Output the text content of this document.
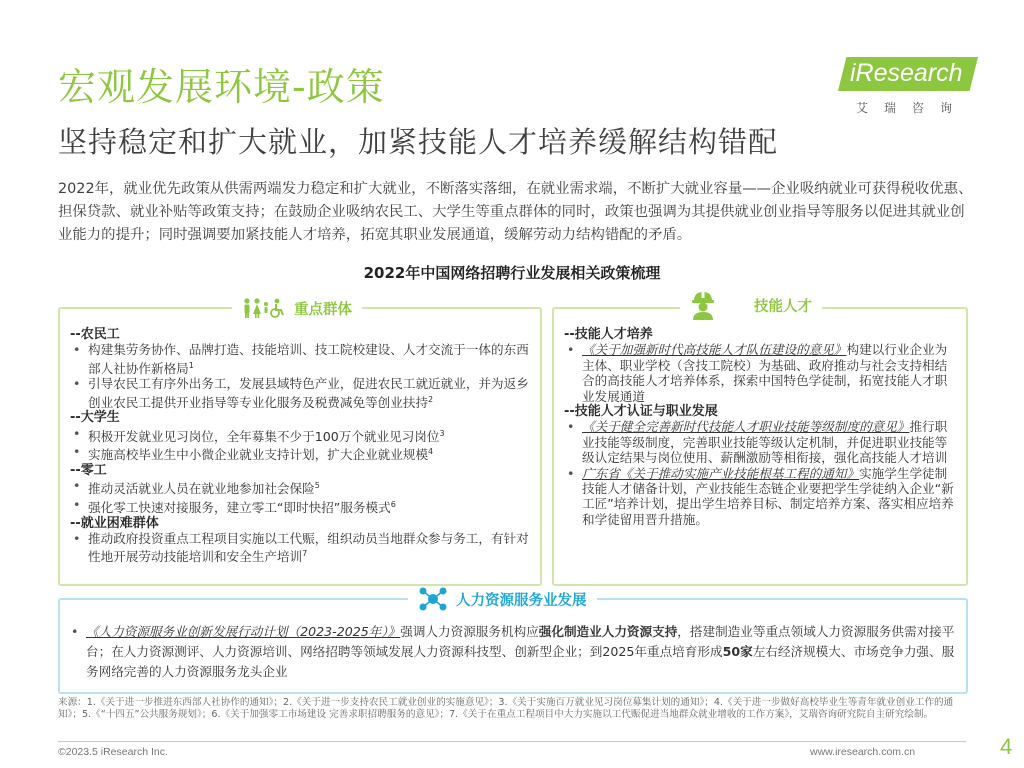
宏观发展环境-政策
坚持稳定和扩大就业，加紧技能人才培养缓解结构错配
iResearch
艾瑞咨询
2022年，就业优先政策从供需两端发力稳定和扩大就业，不断落实落细，在就业需求端，不断扩大就业容量——企业吸纳就业可获得税收优惠、担保贷款、就业补贴等政策支持；在鼓励企业吸纳农民工、大学生等重点群体的同时，政策也强调为其提供就业创业指导等服务以促进其就业创业能力的提升；同时强调要加紧技能人才培养，拓宽其职业发展通道，缓解劳动力结构错配的矛盾。
2022年中国网络招聘行业发展相关政策梳理
重点群体
--农民工
• 构建集劳务协作、品牌打造、技能培训、技工院校建设、人才交流于一体的东西部人社协作新格局$^1$
• 引导农民工有序外出务工，发展县域特色产业，促进农民工就近就业，并为返乡创业农民工提供开业指导等专业化服务及税费减免等创业扶持$^2$
--大学生
• 积极开发就业见习岗位，全年募集不少于100万个就业见习岗位$^3$
• 实施高校毕业生中小微企业就业支持计划，扩大企业就业规模$^4$
--零工
• 推动灵活就业人员在就业地参加社会保险$^5$
• 强化零工快速对接服务，建立零工“即时快招”服务模式$^6$
--就业困难群体
• 推动政府投资重点工程项目实施以工代赈，组织动员当地群众参与务工，有针对性地开展劳动技能培训和安全生产培训$^7$
技能人才
--技能人才培养
• 《关于加强新时代高技能人才队伍建设的意见》构建以行业企业为主体、职业学校（含技工院校）为基础、政府推动与社会支持相结合的高技能人才培养体系，探索中国特色学徒制，拓宽技能人才职业发展通道
--技能人才认证与职业发展
• 《关于健全完善新时代技能人才职业技能等级制度的意见》推行职业技能等级制度，完善职业技能等级认定机制，并促进职业技能等级认定结果与岗位使用、薪酬激励等相衔接，强化高技能人才培训
• 广东省《关于推动实施产业技能根基工程的通知》实施学生学徒制技能人才储备计划，产业技能生态链企业要把学生学徒纳入企业“新工匠”培养计划，提出学生培养目标、制定培养方案、落实相应培养和学徒留用晋升措施。
人力资源服务业发展
• 《人力资源服务业创新发展行动计划（2023-2025年）》强调人力资源服务机构应强化制造业人力资源支持，搭建制造业等重点领域人力资源服务供需对接平台；在人力资源测评、人力资源培训、网络招聘等领域发展人力资源科技型、创新型企业；到2025年重点培育形成50家左右经济规模大、市场竞争力强、服务网络完善的人力资源服务龙头企业
来源：1.《关于进一步推进东西部人社协作的通知》；2.《关于进一步支持农民工就业创业的实施意见》；3.《关于实施百万就业见习岗位募集计划的通知》；4.《关于进一步做好高校毕业生等青年就业创业工作的通知》；5.《“十四五”公共服务规划》；6.《关于加强零工市场建设 完善求职招聘服务的意见》；7.《关于在重点工程项目中大力实施以工代赈促进当地群众就业增收的工作方案》，艾瑞咨询研究院自主研究绘制。
©2023.5 iResearch Inc.	www.iresearch.com.cn	4
